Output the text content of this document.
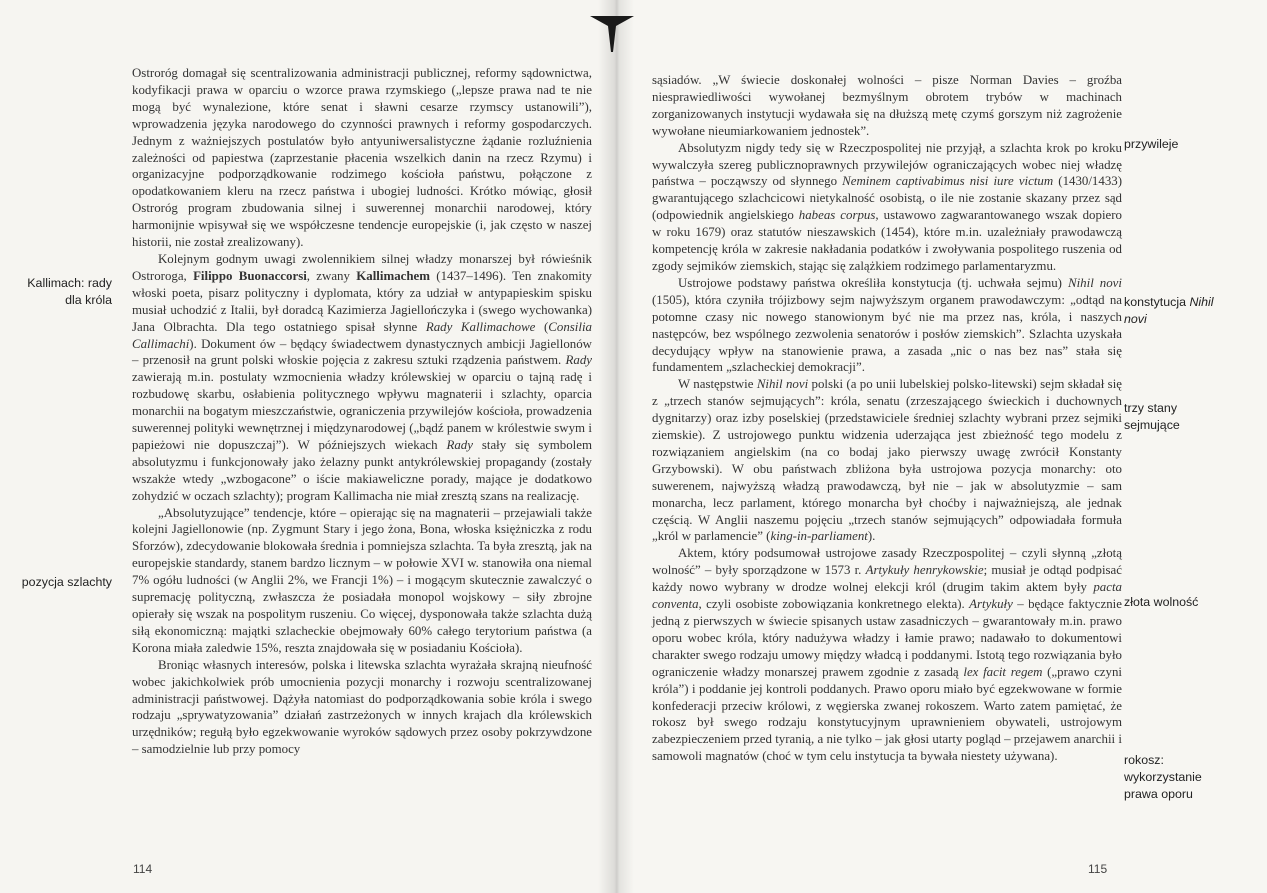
Kallimach: rady
dla króla
pozycja szlachty

Ostroróg domagał się scentralizowania administracji publicznej, reformy sądownictwa, kodyfikacji prawa w oparciu o wzorce prawa rzymskiego („lepsze prawa nad te nie mogą być wynalezione, które senat i sławni cesarze rzymscy ustanowili”), wprowadzenia języka narodowego do czynności prawnych i reformy gospodarczych. Jednym z ważniejszych postulatów było antyuniwersalistyczne żądanie rozluźnienia zależności od papiestwa (zaprzestanie płacenia wszelkich danin na rzecz Rzymu) i organizacyjne podporządkowanie rodzimego kościoła państwu, połączone z opodatkowaniem kleru na rzecz państwa i ubogiej ludności. Krótko mówiąc, głosił Ostroróg program zbudowania silnej i suwerennej monarchii narodowej, który harmonijnie wpisywał się we współczesne tendencje europejskie (i, jak często w naszej historii, nie został zrealizowany).

Kolejnym godnym uwagi zwolennikiem silnej władzy monarszej był rówieśnik Ostroroga, Filippo Buonaccorsi, zwany Kallimachem (1437–1496). Ten znakomity włoski poeta, pisarz polityczny i dyplomata, który za udział w antypapieskim spisku musiał uchodzić z Italii, był doradcą Kazimierza Jagiellończyka i (swego wychowanka) Jana Olbrachta. Dla tego ostatniego spisał słynne Rady Kallimachowe (Consilia Callimachi). Dokument ów – będący świadectwem dynastycznych ambicji Jagiellonów – przenosił na grunt polski włoskie pojęcia z zakresu sztuki rządzenia państwem. Rady zawierają m.in. postulaty wzmocnienia władzy królewskiej w oparciu o tajną radę i rozbudowę skarbu, osłabienia politycznego wpływu magnaterii i szlachty, oparcia monarchii na bogatym mieszczaństwie, ograniczenia przywilejów kościoła, prowadzenia suwerennej polityki wewnętrznej i międzynarodowej („bądź panem w królestwie swym i papieżowi nie dopuszczaj”). W późniejszych wiekach Rady stały się symbolem absolutyzmu i funkcjonowały jako żelazny punkt antykrólewskiej propagandy (zostały wszakże wtedy „wzbogacone” o iście makiaweliczne porady, mające je dodatkowo zohydzić w oczach szlachty); program Kallimacha nie miał zresztą szans na realizację.

„Absolutyzujące” tendencje, które – opierając się na magnaterii – przejawiali także kolejni Jagiellonowie (np. Zygmunt Stary i jego żona, Bona, włoska księżniczka z rodu Sforzów), zdecydowanie blokowała średnia i pomniejsza szlachta. Ta była zresztą, jak na europejskie standardy, stanem bardzo licznym – w połowie XVI w. stanowiła ona niemal 7% ogółu ludności (w Anglii 2%, we Francji 1%) – i mogącym skutecznie zawalczyć o supremację polityczną, zwłaszcza że posiadała monopol wojskowy – siły zbrojne opierały się wszak na pospolitym ruszeniu. Co więcej, dysponowała także szlachta dużą siłą ekonomiczną: majątki szlacheckie obejmowały 60% całego terytorium państwa (a Korona miała zaledwie 15%, reszta znajdowała się w posiadaniu Kościoła).

Broniąc własnych interesów, polska i litewska szlachta wyrażała skrajną nieufność wobec jakichkolwiek prób umocnienia pozycji monarchy i rozwoju scentralizowanej administracji państwowej. Dążyła natomiast do podporządkowania sobie króla i swego rodzaju „sprywatyzowania” działań zastrzeżonych w innych krajach dla królewskich urzędników; regułą było egzekwowanie wyroków sądowych przez osoby pokrzywdzone – samodzielnie lub przy pomocy

114
przywileje
konstytucja Nihil
novi
trzy stany
sejmujące
złota wolność
rokosz:
wykorzystanie
prawa oporu

sąsiadów. „W świecie doskonałej wolności – pisze Norman Davies – groźba niesprawiedliwości wywołanej bezmyślnym obrotem trybów w machinach zorganizowanych instytucji wydawała się na dłuższą metę czymś gorszym niż zagrożenie wywołane nieumiarkowaniem jednostek”.

Absolutyzm nigdy tedy się w Rzeczpospolitej nie przyjął, a szlachta krok po kroku wywalczyła szereg publicznoprawnych przywilejów ograniczających wobec niej władzę państwa – począwszy od słynnego Neminem captivabimus nisi iure victum (1430/1433) gwarantującego szlachcicowi nietykalność osobistą, o ile nie zostanie skazany przez sąd (odpowiednik angielskiego habeas corpus, ustawowo zagwarantowanego wszak dopiero w roku 1679) oraz statutów nieszawskich (1454), które m.in. uzależniały prawodawczą kompetencję króla w zakresie nakładania podatków i zwoływania pospolitego ruszenia od zgody sejmików ziemskich, stając się zalążkiem rodzimego parlamentaryzmu.

Ustrojowe podstawy państwa określiła konstytucja (tj. uchwała sejmu) Nihil novi (1505), która czyniła trójizbowy sejm najwyższym organem prawodawczym: „odtąd na potomne czasy nic nowego stanowionym być nie ma przez nas, króla, i naszych następców, bez wspólnego zezwolenia senatorów i posłów ziemskich”. Szlachta uzyskała decydujący wpływ na stanowienie prawa, a zasada „nic o nas bez nas” stała się fundamentem „szlacheckiej demokracji”.

W następstwie Nihil novi polski (a po unii lubelskiej polsko-litewski) sejm składał się z „trzech stanów sejmujących”: króla, senatu (zrzeszającego świeckich i duchownych dygnitarzy) oraz izby poselskiej (przedstawiciele średniej szlachty wybrani przez sejmiki ziemskie). Z ustrojowego punktu widzenia uderzająca jest zbieżność tego modelu z rozwiązaniem angielskim (na co bodaj jako pierwszy uwagę zwrócił Konstanty Grzybowski). W obu państwach zbliżona była ustrojowa pozycja monarchy: oto suwerenem, najwyższą władzą prawodawczą, był nie – jak w absolutyzmie – sam monarcha, lecz parlament, którego monarcha był choćby i najważniejszą, ale jednak częścią. W Anglii naszemu pojęciu „trzech stanów sejmujących” odpowiadała formuła „król w parlamencie” (king-in-parliament).

Aktem, który podsumował ustrojowe zasady Rzeczpospolitej – czyli słynną „złotą wolność” – były sporządzone w 1573 r. Artykuły henrykowskie; musiał je odtąd podpisać każdy nowo wybrany w drodze wolnej elekcji król (drugim takim aktem były pacta conventa, czyli osobiste zobowiązania konkretnego elekta). Artykuły – będące faktycznie jedną z pierwszych w świecie spisanych ustaw zasadniczych – gwarantowały m.in. prawo oporu wobec króla, który nadużywa władzy i łamie prawo; nadawało to dokumentowi charakter swego rodzaju umowy między władcą i poddanymi. Istotą tego rozwiązania było ograniczenie władzy monarszej prawem zgodnie z zasadą lex facit regem („prawo czyni króla”) i poddanie jej kontroli poddanych. Prawo oporu miało być egzekwowane w formie konfederacji przeciw królowi, z węgierska zwanej rokoszem. Warto zatem pamiętać, że rokosz był swego rodzaju konstytucyjnym uprawnieniem obywateli, ustrojowym zabezpieczeniem przed tyranią, a nie tylko – jak głosi utarty pogląd – przejawem anarchii i samowoli magnatów (choć w tym celu instytucja ta bywała niestety używana).

115
